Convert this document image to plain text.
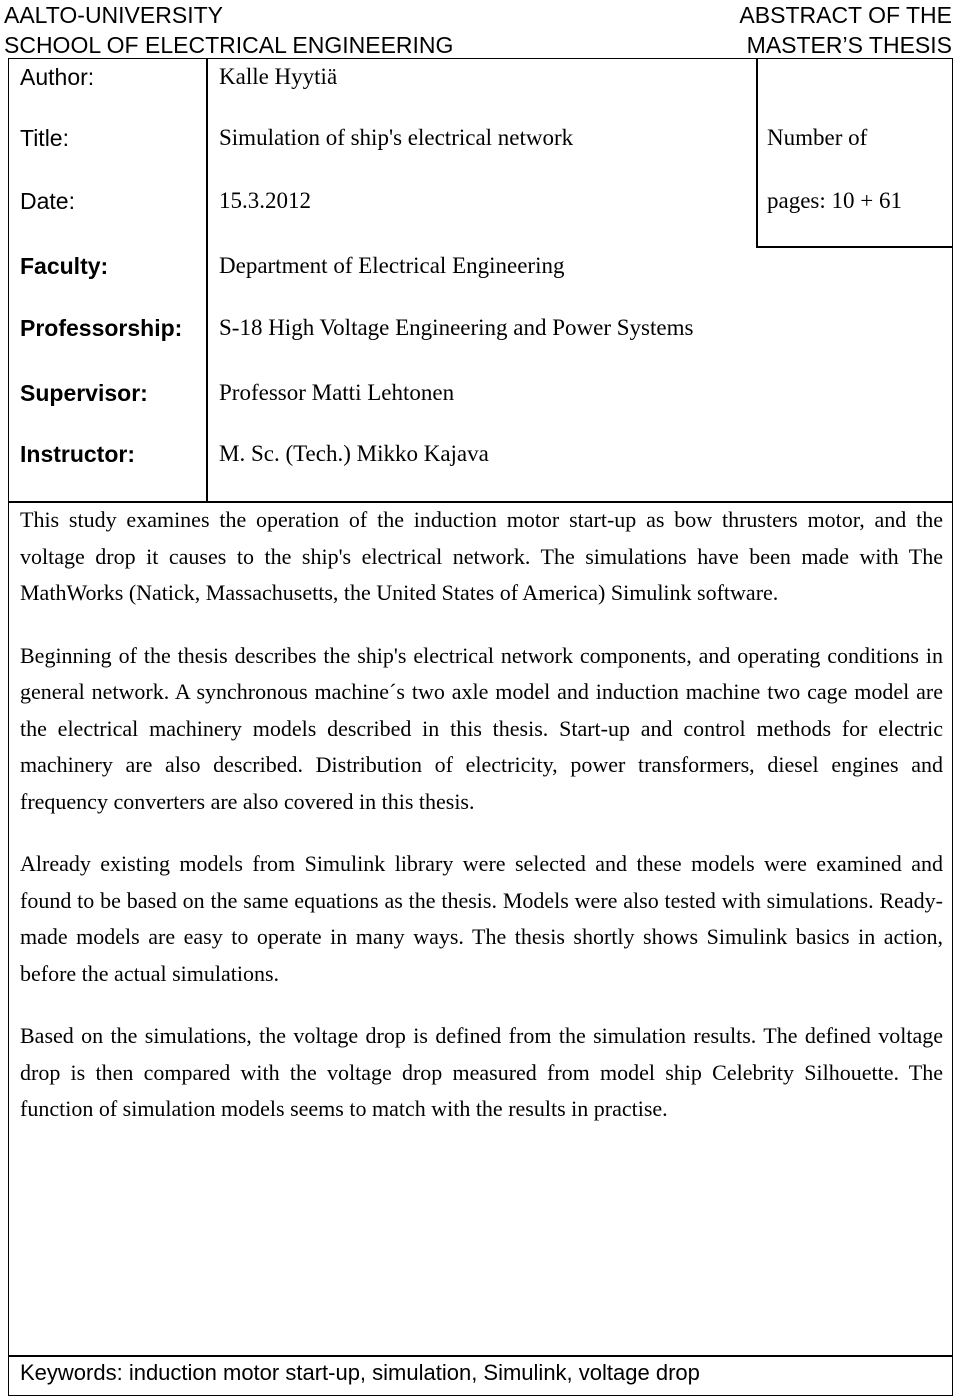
AALTO-UNIVERSITY
SCHOOL OF ELECTRICAL ENGINEERING
ABSTRACT OF THE
MASTER’S THESIS
Author:
Title:
Date:
Faculty:
Professorship:
Supervisor:
Instructor:
Kalle Hyytiä
Simulation of ship's electrical network
15.3.2012
Department of Electrical Engineering
S-18 High Voltage Engineering and Power Systems
Professor Matti Lehtonen
M. Sc. (Tech.) Mikko Kajava
Number of
pages: 10 + 61

This study examines the operation of the induction motor start-up as bow thrusters motor, and the voltage drop it causes to the ship's electrical network. The simulations have been made with The MathWorks (Natick, Massachusetts, the United States of America) Simulink software.

Beginning of the thesis describes the ship's electrical network components, and operating conditions in general network. A synchronous machine´s two axle model and induction machine two cage model are the electrical machinery models described in this thesis. Start-up and control methods for electric machinery are also described. Distribution of electricity, power transformers, diesel engines and frequency converters are also covered in this thesis.

Already existing models from Simulink library were selected and these models were examined and found to be based on the same equations as the thesis. Models were also tested with simulations. Ready-made models are easy to operate in many ways. The thesis shortly shows Simulink basics in action, before the actual simulations.

Based on the simulations, the voltage drop is defined from the simulation results. The defined voltage drop is then compared with the voltage drop measured from model ship Celebrity Silhouette. The function of simulation models seems to match with the results in practise.

Keywords: induction motor start-up, simulation, Simulink, voltage drop
